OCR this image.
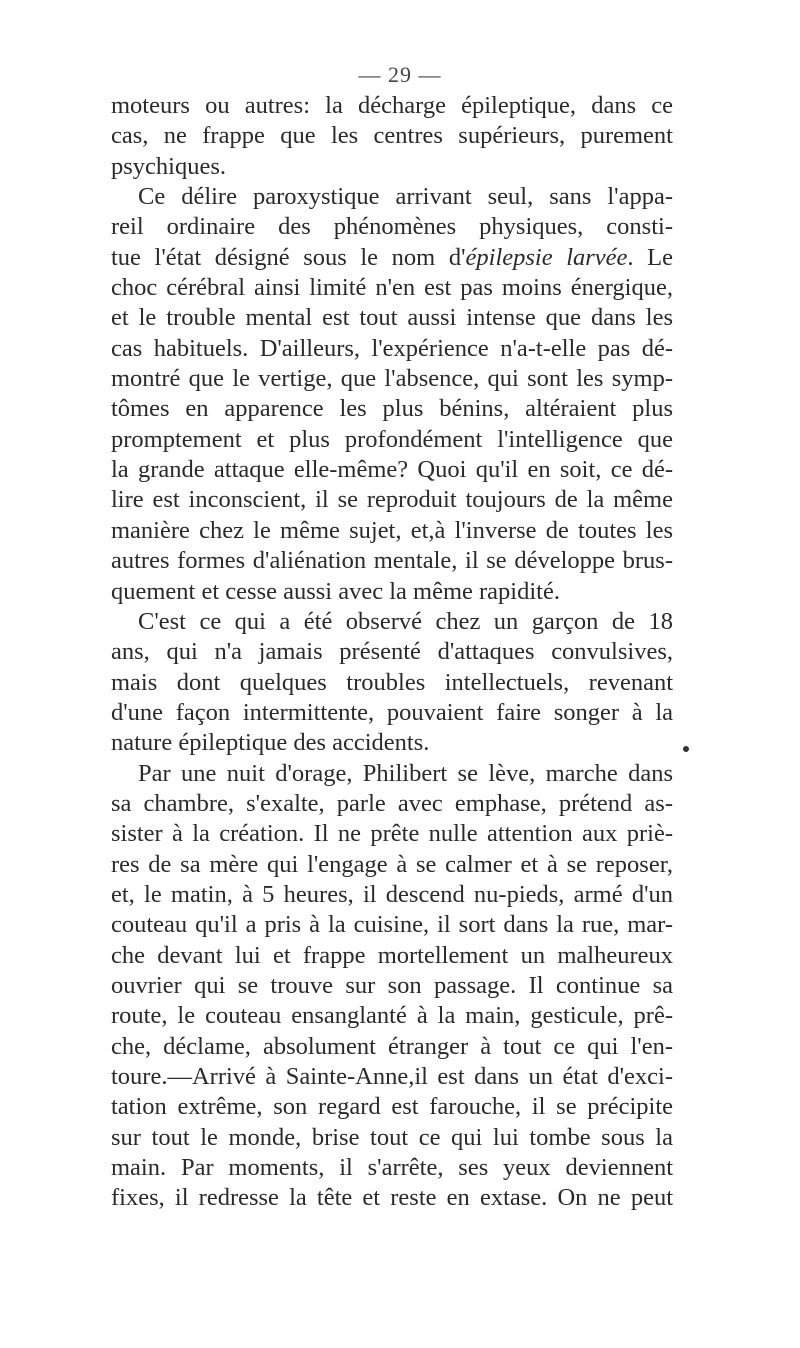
— 29 —
moteurs ou autres: la décharge épileptique, dans ce
cas, ne frappe que les centres supérieurs, purement
psychiques.
Ce délire paroxystique arrivant seul, sans l'appa-
reil ordinaire des phénomènes physiques, consti-
tue l'état désigné sous le nom d'épilepsie larvée. Le
choc cérébral ainsi limité n'en est pas moins énergique,
et le trouble mental est tout aussi intense que dans les
cas habituels. D'ailleurs, l'expérience n'a-t-elle pas dé-
montré que le vertige, que l'absence, qui sont les symp-
tômes en apparence les plus bénins, altéraient plus
promptement et plus profondément l'intelligence que
la grande attaque elle-même? Quoi qu'il en soit, ce dé-
lire est inconscient, il se reproduit toujours de la même
manière chez le même sujet, et,à l'inverse de toutes les
autres formes d'aliénation mentale, il se développe brus-
quement et cesse aussi avec la même rapidité.
C'est ce qui a été observé chez un garçon de 18
ans, qui n'a jamais présenté d'attaques convulsives,
mais dont quelques troubles intellectuels, revenant
d'une façon intermittente, pouvaient faire songer à la
nature épileptique des accidents.
Par une nuit d'orage, Philibert se lève, marche dans
sa chambre, s'exalte, parle avec emphase, prétend as-
sister à la création. Il ne prête nulle attention aux priè-
res de sa mère qui l'engage à se calmer et à se reposer,
et, le matin, à 5 heures, il descend nu-pieds, armé d'un
couteau qu'il a pris à la cuisine, il sort dans la rue, mar-
che devant lui et frappe mortellement un malheureux
ouvrier qui se trouve sur son passage. Il continue sa
route, le couteau ensanglanté à la main, gesticule, prê-
che, déclame, absolument étranger à tout ce qui l'en-
toure.—Arrivé à Sainte-Anne,il est dans un état d'exci-
tation extrême, son regard est farouche, il se précipite
sur tout le monde, brise tout ce qui lui tombe sous la
main. Par moments, il s'arrête, ses yeux deviennent
fixes, il redresse la tête et reste en extase. On ne peut
